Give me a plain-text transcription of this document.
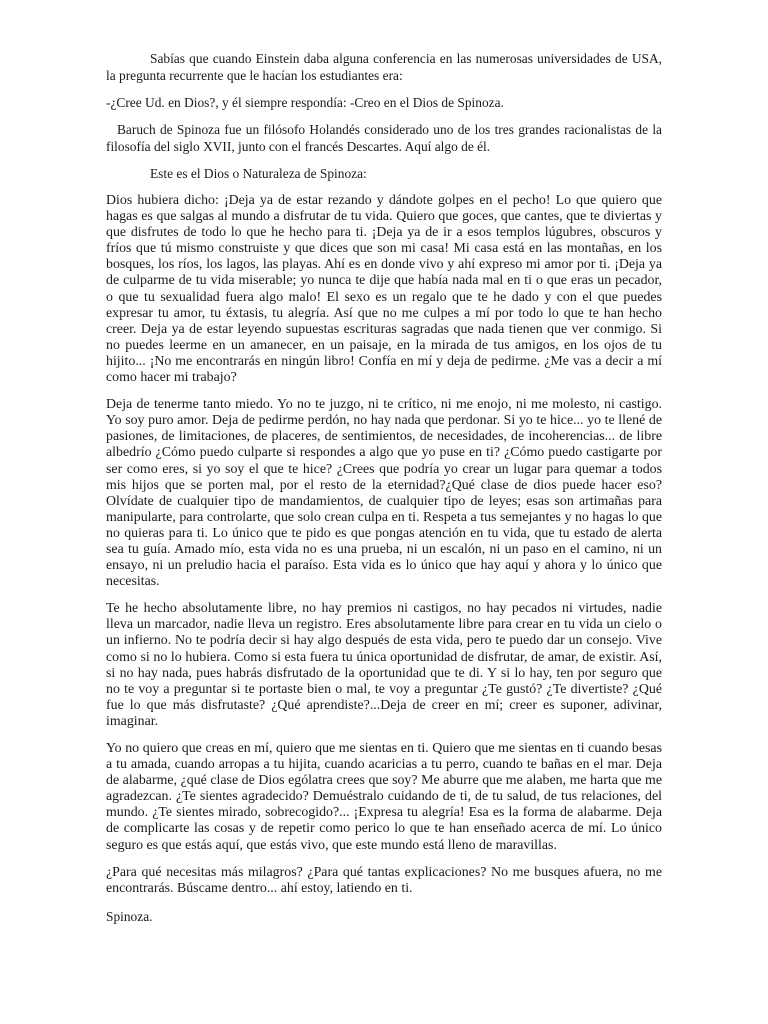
Sabías que cuando Einstein daba alguna conferencia en las numerosas universidades de USA, la pregunta recurrente que le hacían los estudiantes era:

-¿Cree Ud. en Dios?, y él siempre respondía: -Creo en el Dios de Spinoza.

Baruch de Spinoza fue un filósofo Holandés considerado uno de los tres grandes racionalistas de la filosofía del siglo XVII, junto con el francés Descartes. Aquí algo de él.

Este es el Dios o Naturaleza de Spinoza:

Dios hubiera dicho: ¡Deja ya de estar rezando y dándote golpes en el pecho! Lo que quiero que hagas es que salgas al mundo a disfrutar de tu vida. Quiero que goces, que cantes, que te diviertas y que disfrutes de todo lo que he hecho para ti. ¡Deja ya de ir a esos templos lúgubres, obscuros y fríos que tú mismo construiste y que dices que son mi casa! Mi casa está en las montañas, en los bosques, los ríos, los lagos, las playas. Ahí es en donde vivo y ahí expreso mi amor por ti. ¡Deja ya de culparme de tu vida miserable; yo nunca te dije que había nada mal en ti o que eras un pecador, o que tu sexualidad fuera algo malo! El sexo es un regalo que te he dado y con el que puedes expresar tu amor, tu éxtasis, tu alegría. Así que no me culpes a mí por todo lo que te han hecho creer. Deja ya de estar leyendo supuestas escrituras sagradas que nada tienen que ver conmigo. Si no puedes leerme en un amanecer, en un paisaje, en la mirada de tus amigos, en los ojos de tu hijito... ¡No me encontrarás en ningún libro! Confía en mí y deja de pedirme. ¿Me vas a decir a mí como hacer mi trabajo?

Deja de tenerme tanto miedo. Yo no te juzgo, ni te crítico, ni me enojo, ni me molesto, ni castigo. Yo soy puro amor. Deja de pedirme perdón, no hay nada que perdonar. Si yo te hice... yo te llené de pasiones, de limitaciones, de placeres, de sentimientos, de necesidades, de incoherencias... de libre albedrío ¿Cómo puedo culparte si respondes a algo que yo puse en ti? ¿Cómo puedo castigarte por ser como eres, si yo soy el que te hice? ¿Crees que podría yo crear un lugar para quemar a todos mis hijos que se porten mal, por el resto de la eternidad?¿Qué clase de dios puede hacer eso? Olvídate de cualquier tipo de mandamientos, de cualquier tipo de leyes; esas son artimañas para manipularte, para controlarte, que solo crean culpa en ti. Respeta a tus semejantes y no hagas lo que no quieras para ti. Lo único que te pido es que pongas atención en tu vida, que tu estado de alerta sea tu guía. Amado mío, esta vida no es una prueba, ni un escalón, ni un paso en el camino, ni un ensayo, ni un preludio hacia el paraíso. Esta vida es lo único que hay aquí y ahora y lo único que necesitas.

Te he hecho absolutamente libre, no hay premios ni castigos, no hay pecados ni virtudes, nadie lleva un marcador, nadie lleva un registro. Eres absolutamente libre para crear en tu vida un cielo o un infierno. No te podría decir si hay algo después de esta vida, pero te puedo dar un consejo. Vive como si no lo hubiera. Como si esta fuera tu única oportunidad de disfrutar, de amar, de existir. Así, si no hay nada, pues habrás disfrutado de la oportunidad que te di. Y si lo hay, ten por seguro que no te voy a preguntar si te portaste bien o mal, te voy a preguntar ¿Te gustó? ¿Te divertiste? ¿Qué fue lo que más disfrutaste? ¿Qué aprendiste?...Deja de creer en mí; creer es suponer, adivinar, imaginar.

Yo no quiero que creas en mí, quiero que me sientas en ti. Quiero que me sientas en ti cuando besas a tu amada, cuando arropas a tu hijita, cuando acaricias a tu perro, cuando te bañas en el mar. Deja de alabarme, ¿qué clase de Dios ególatra crees que soy? Me aburre que me alaben, me harta que me agradezcan. ¿Te sientes agradecido? Demuéstralo cuidando de ti, de tu salud, de tus relaciones, del mundo. ¿Te sientes mirado, sobrecogido?... ¡Expresa tu alegría! Esa es la forma de alabarme. Deja de complicarte las cosas y de repetir como perico lo que te han enseñado acerca de mí. Lo único seguro es que estás aquí, que estás vivo, que este mundo está lleno de maravillas.

¿Para qué necesitas más milagros? ¿Para qué tantas explicaciones? No me busques afuera, no me encontrarás. Búscame dentro... ahí estoy, latiendo en ti.

Spinoza.
